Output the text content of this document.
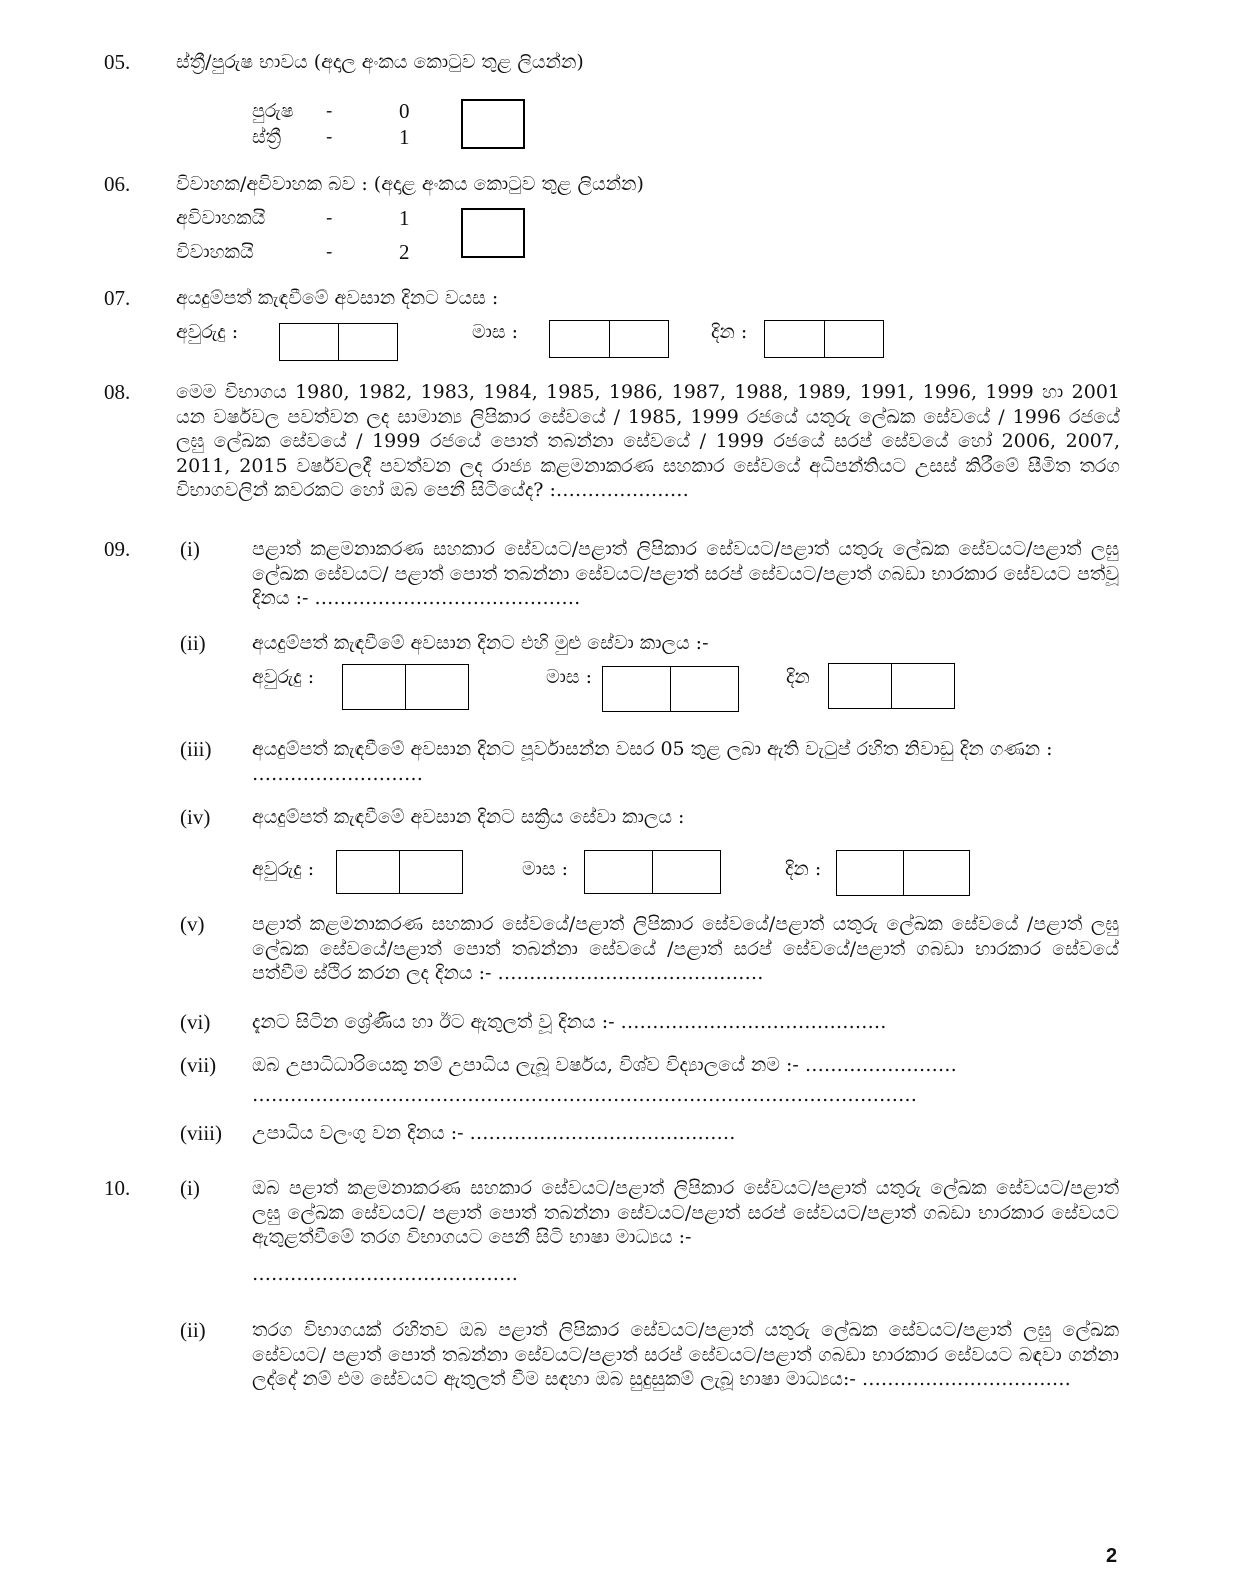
05. ස්ත්‍රී/පුරුෂ භාවය (අදාල අංකය කොටුව තුළ ලියන්න)
පුරුෂ -	0
ස්ත්‍රී -	1
06. විවාහක/අවිවාහක බව : (අදාළ අංකය කොටුව තුළ ලියන්න)
අවිවාහකයි	-	1
විවාහකයි	-	2
07. අයදුම්පත් කැඳවීමේ අවසාන දිනට වයස :
අවුරුදු :	මාස :	දින :
08. මෙම විභාගය 1980, 1982, 1983, 1984, 1985, 1986, 1987, 1988, 1989, 1991, 1996, 1999 හා 2001 යන වර්ෂවල පවත්වන ලද සාමාන්‍ය ලිපිකාර සේවයේ / 1985, 1999 රජයේ යතුරු ලේඛක සේවයේ / 1996 රජයේ ලඝු ලේඛක සේවයේ / 1999 රජයේ පොත් තබන්නා සේවයේ / 1999 රජයේ සරප් සේවයේ හෝ 2006, 2007, 2011, 2015 වර්ෂවලදී පවත්වන ලද රාජ්‍ය කළමනාකරණ සහකාර සේවයේ අධිපන්තියට උසස් කිරීමේ සීමිත තරග විභාගවලින් කවරකට හෝ ඔබ පෙනී සිටියේද? :…………………
09. (i)	පළාත් කළමනාකරණ සහකාර සේවයට/පළාත් ලිපිකාර සේවයට/පළාත් යතුරු ලේඛක සේවයට/පළාත් ලඝු ලේඛක සේවයට/ පළාත් පොත් තබන්නා සේවයට/පළාත් සරප් සේවයට/පළාත් ගබඩා භාරකාර සේවයට පත්වූ දිනය :- ……………………………………
(ii) අයදුම්පත් කැඳවීමේ අවසාන දිනට එහි මුළු සේවා කාලය :-
අවුරුදු :	මාස :	දින
(iii) අයදුම්පත් කැඳවීමේ අවසාන දිනට පූර්වාසන්න වසර 05 තුළ ලබා ඇති වැටුප් රහිත නිවාඩු දින ගණන : ………………………
(iv) අයදුම්පත් කැඳවීමේ අවසාන දිනට සක්‍රිය සේවා කාලය :
අවුරුදු :	මාස :	දින :
(v)	පළාත් කළමනාකරණ සහකාර සේවයේ/පළාත් ලිපිකාර සේවයේ/පළාත් යතුරු ලේඛක සේවයේ /පළාත් ලඝු ලේඛක සේවයේ/පළාත් පොත් තබන්නා සේවයේ /පළාත් සරප් සේවයේ/පළාත් ගබඩා භාරකාර සේවයේ පත්වීම ස්ථිර කරන ලද දිනය :- ……………………………………
(vi) දැනට සිටින ශ්‍රේණිය හා ඊට ඇතුලත් වූ දිනය :- ……………………………………
(vii) ඔබ උපාධිධාරියෙකු නම් උපාධිය ලැබූ වර්ෂය, විශ්ව විද්‍යාලයේ නම :- ……………………
……………………………………………………………………………………………
(viii) උපාධිය වලංගු වන දිනය :- ……………………………………
10. (i)	ඔබ පළාත් කළමනාකරණ සහකාර සේවයට/පළාත් ලිපිකාර සේවයට/පළාත් යතුරු ලේඛක සේවයට/පළාත් ලඝු ලේඛක සේවයට/ පළාත් පොත් තබන්නා සේවයට/පළාත් සරප් සේවයට/පළාත් ගබඩා භාරකාර සේවයට ඇතුළත්වීමේ තරග විභාගයට පෙනී සිටි භාෂා මාධ්‍යය :-
……………………………………
(ii) තරග විභාගයක් රහිතව ඔබ පළාත් ලිපිකාර සේවයට/පළාත් යතුරු ලේඛක සේවයට/පළාත් ලඝු ලේඛක සේවයට/ පළාත් පොත් තබන්නා සේවයට/පළාත් සරප් සේවයට/පළාත් ගබඩා භාරකාර සේවයට බඳවා ගන්නා ලද්දේ නම් එම සේවයට ඇතුලත් වීම සඳහා ඔබ සුදුසුකම් ලැබූ භාෂා මාධ්‍යය:- ……………………………
2
